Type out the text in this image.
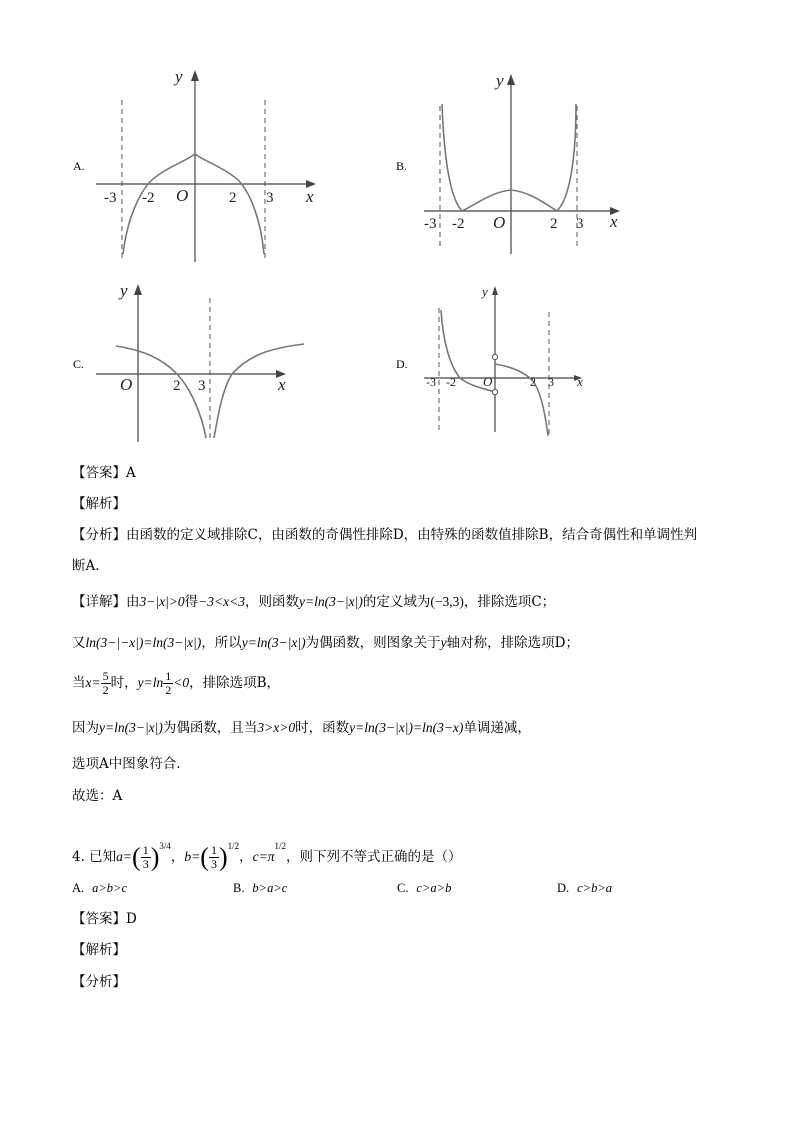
A.
y
x
O
-3 -2	2 3
B.
y
x
O
-3 -2	2 3
C.
y
x
O	2 3
D.
y
x
O
-3 -2	2 3
【答案】A
【解析】
【分析】由函数的定义域排除C，由函数的奇偶性排除D，由特殊的函数值排除B，结合奇偶性和单调性判
断A.
【详解】由3−|x|>0得−3<x<3，则函数y=ln(3−|x|)的定义域为(−3,3)，排除选项C；
又ln(3−|−x|)=ln(3−|x|)，所以y=ln(3−|x|)为偶函数，则图象关于y轴对称，排除选项D；
当$x= \frac{5}{2}$ 时，$y=\ln \frac{1}{2} <0$，排除选项B，
因为y=ln(3−|x|)为偶函数，且当3>x>0时，函数y=ln(3−|x|)=ln(3−x)单调递减，
选项A中图象符合.
故选：A
4. 已知$a=( \frac{1}{3} )^{3/4}$，$b=( \frac{1}{3} )^{1/2}$，$c=\pi^{1/2}$，则下列不等式正确的是（）
A. a>b>c	B. b>a>c	C. c>a>b	D. c>b>a
【答案】D
【解析】
【分析】
